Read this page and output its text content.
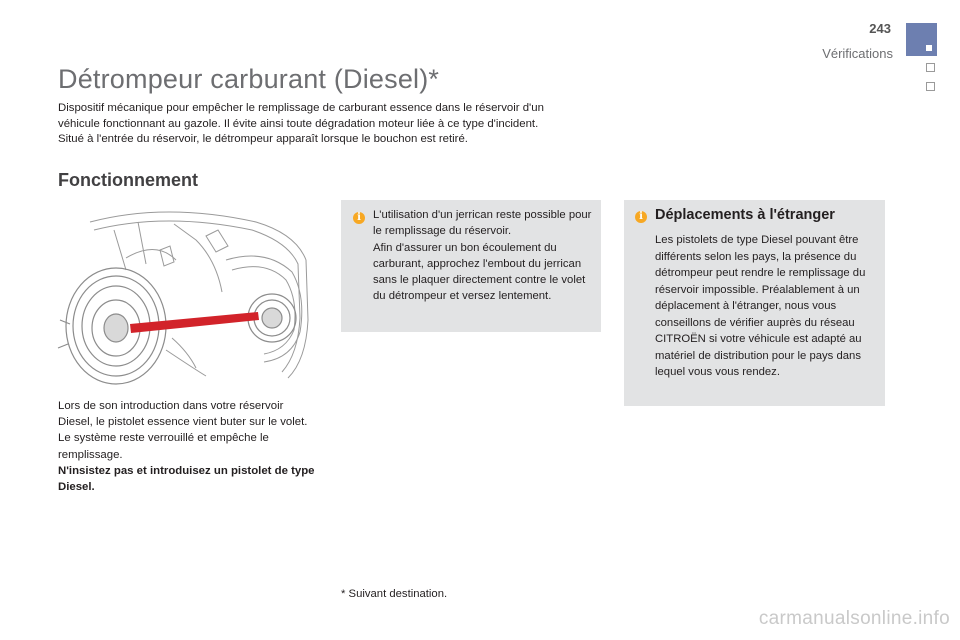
243
Vérifications
Détrompeur carburant (Diesel)*

Dispositif mécanique pour empêcher le remplissage de carburant essence dans le réservoir d'un

véhicule fonctionnant au gazole. Il évite ainsi toute dégradation moteur liée à ce type d'incident.

Situé à l'entrée du réservoir, le détrompeur apparaît lorsque le bouchon est retiré.

Fonctionnement

Lors de son introduction dans votre réservoir Diesel, le pistolet essence vient buter sur le volet. Le système reste verrouillé et empêche le remplissage.

N'insistez pas et introduisez un pistolet de type Diesel.

i	L'utilisation d'un jerrican reste possible pour le remplissage du réservoir.

Afin d'assurer un bon écoulement du carburant, approchez l'embout du jerrican sans le plaquer directement contre le volet du détrompeur et versez lentement.

i Déplacements à l'étranger
Les pistolets de type Diesel pouvant être différents selon les pays, la présence du détrompeur peut rendre le remplissage du réservoir impossible. Préalablement à un déplacement à l'étranger, nous vous conseillons de vérifier auprès du réseau CITROËN si votre véhicule est adapté au matériel de distribution pour le pays dans lequel vous vous rendez.
* Suivant destination.
carmanualsonline.info
